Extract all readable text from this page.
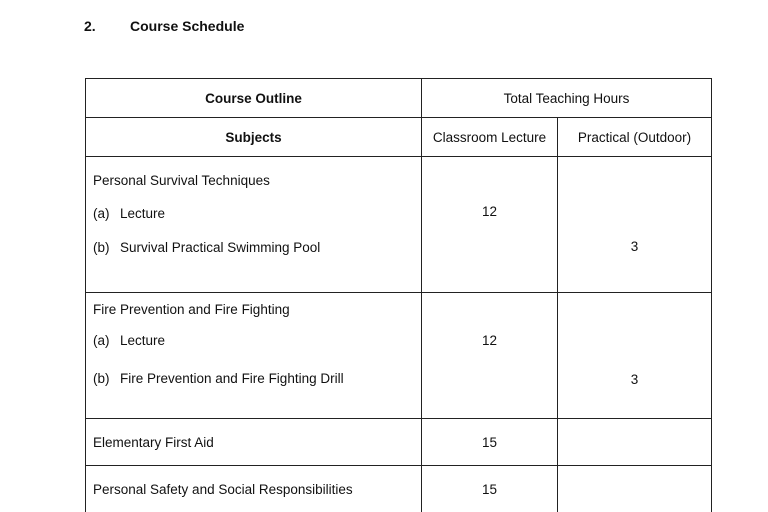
2. Course Schedule
Course Outline	Total Teaching Hours	
Subjects	Classroom Lecture	Practical (Outdoor)

Personal Survival Techniques
(a) Lecture
(b) Survival Practical Swimming Pool	12	3

Fire Prevention and Fire Fighting
(a) Lecture
(b) Fire Prevention and Fire Fighting Drill	12	3

Elementary First Aid	15	
Personal Safety and Social Responsibilities	15	
